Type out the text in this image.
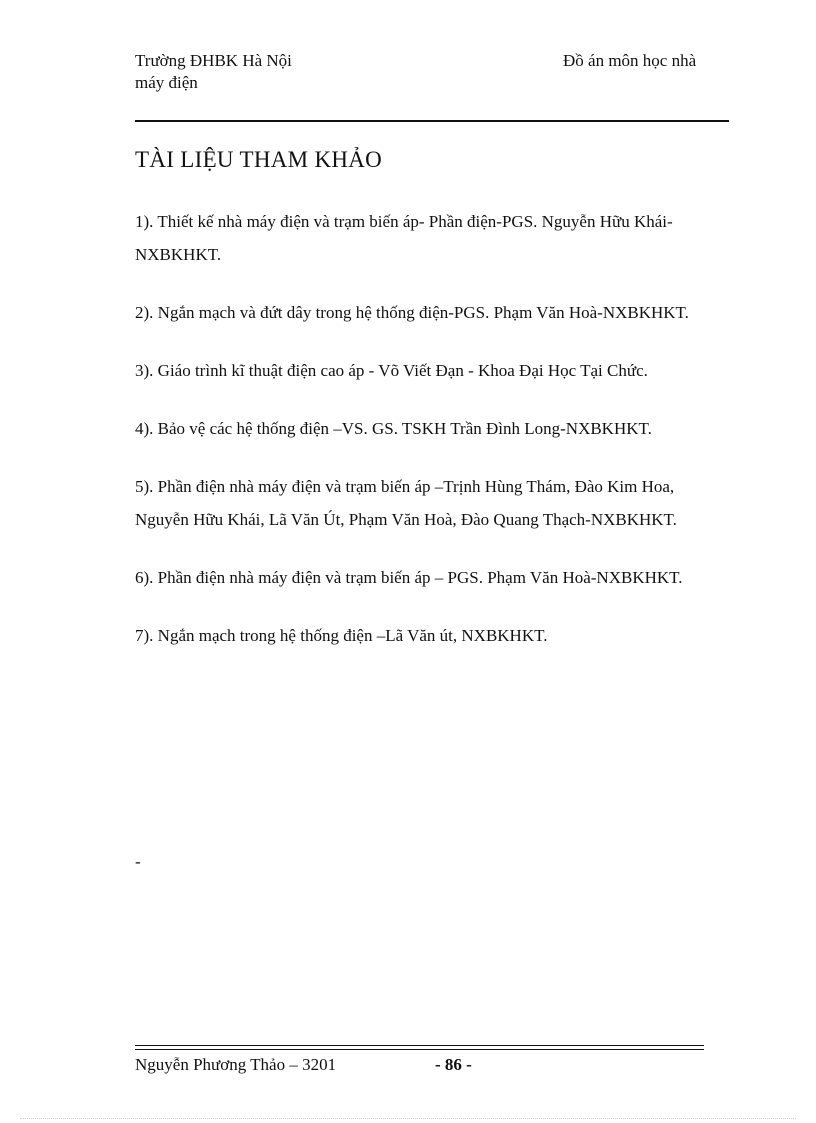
Trường ĐHBK Hà Nội
máy điện
Đồ án môn học nhà
TÀI LIỆU THAM KHẢO
1). Thiết kế nhà máy điện và trạm biến áp- Phần điện-PGS. Nguyễn Hữu Khái-NXBKHKT.
2). Ngắn mạch và đứt dây trong hệ thống điện-PGS. Phạm Văn Hoà-NXBKHKT.
3). Giáo trình kĩ thuật điện cao áp - Võ Viết Đạn - Khoa Đại Học Tại Chức.
4). Bảo vệ các hệ thống điện –VS. GS. TSKH Trần Đình Long-NXBKHKT.
5). Phần điện nhà máy điện và trạm biến áp –Trịnh Hùng Thám, Đào Kim Hoa, Nguyễn Hữu Khái, Lã Văn Út, Phạm Văn Hoà, Đào Quang Thạch-NXBKHKT.
6). Phần điện nhà máy điện và trạm biến áp – PGS. Phạm Văn Hoà-NXBKHKT.
7). Ngắn mạch trong hệ thống điện –Lã Văn út, NXBKHKT.
-
Nguyễn Phương Thảo – 3201	- 86 -
